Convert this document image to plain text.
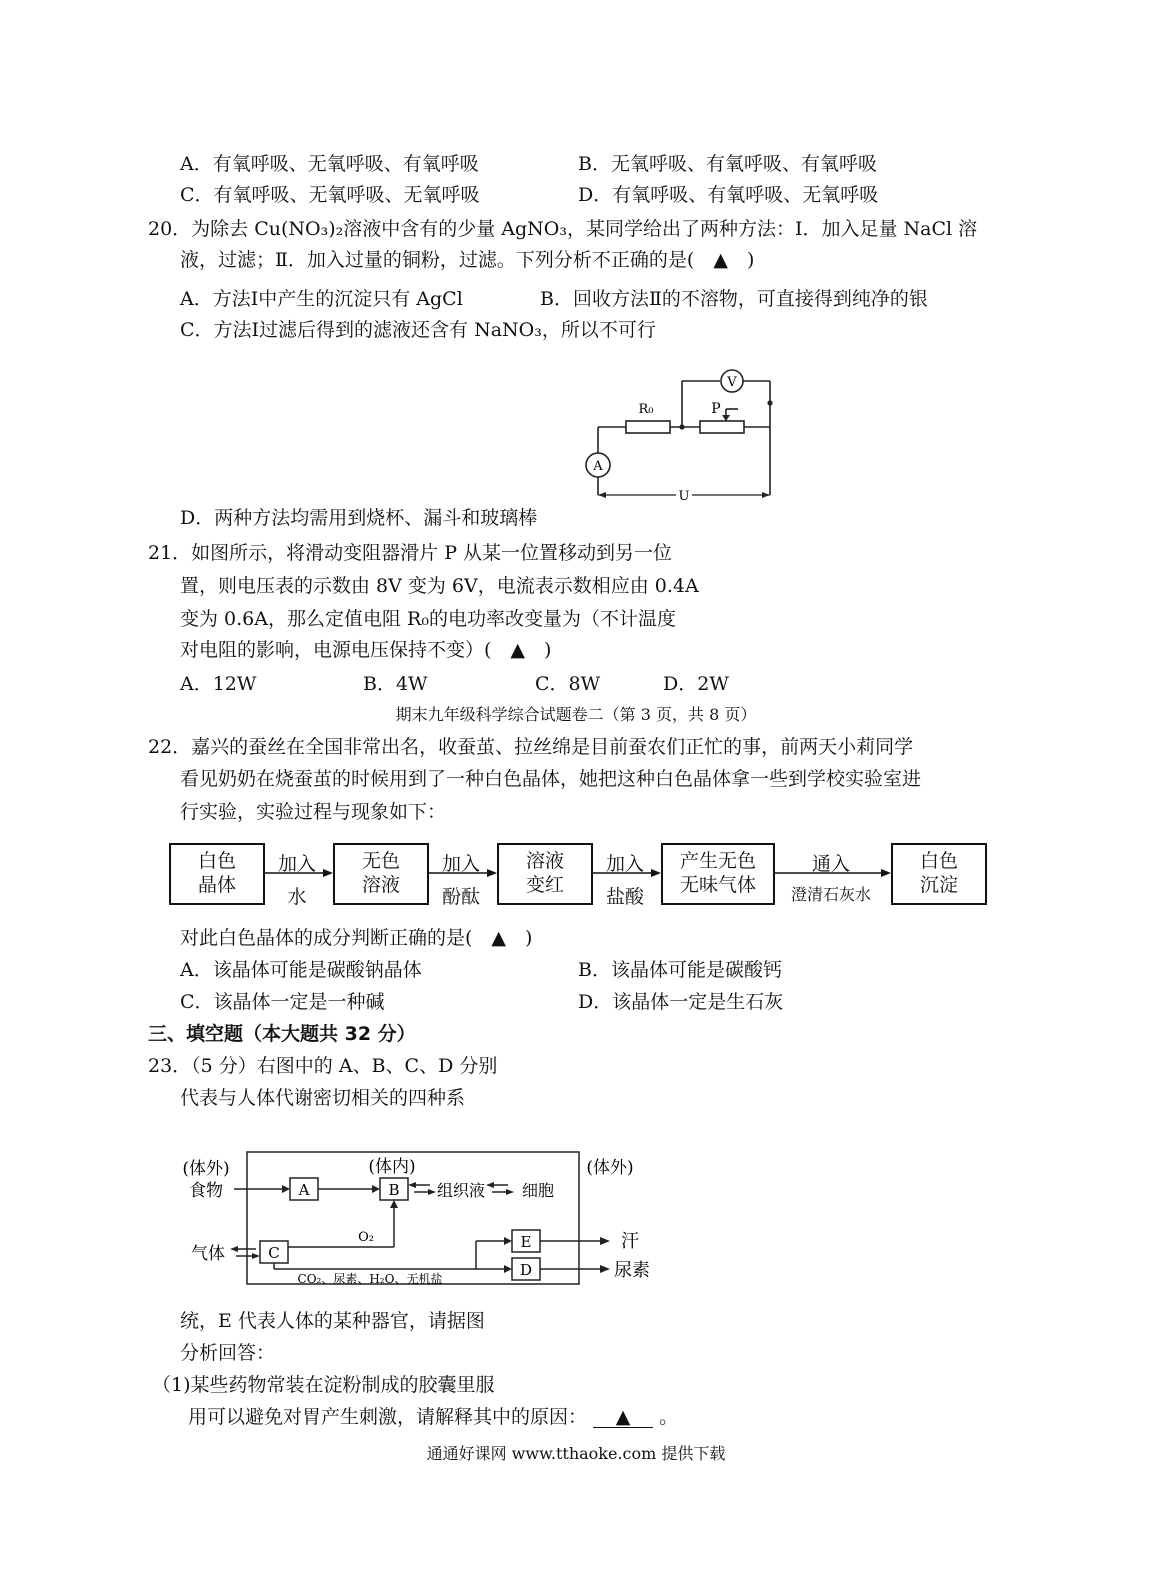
A．有氧呼吸、无氧呼吸、有氧呼吸	B．无氧呼吸、有氧呼吸、有氧呼吸
C．有氧呼吸、无氧呼吸、无氧呼吸	D．有氧呼吸、有氧呼吸、无氧呼吸
20．为除去 Cu(NO₃)₂溶液中含有的少量 AgNO₃，某同学给出了两种方法：Ⅰ．加入足量 NaCl 溶
液，过滤；Ⅱ．加入过量的铜粉，过滤。下列分析不正确的是(　▲　)
A．方法Ⅰ中产生的沉淀只有 AgCl	B．回收方法Ⅱ的不溶物，可直接得到纯净的银
C．方法Ⅰ过滤后得到的滤液还含有 NaNO₃，所以不可行
V
A
R₀	P
U
D．两种方法均需用到烧杯、漏斗和玻璃棒
21．如图所示，将滑动变阻器滑片 P 从某一位置移动到另一位
置，则电压表的示数由 8V 变为 6V，电流表示数相应由 0.4A
变为 0.6A，那么定值电阻 R₀的电功率改变量为（不计温度
对电阻的影响，电源电压保持不变）(　▲　)
A．12W	B．4W	C．8W	D．2W
期末九年级科学综合试题卷二（第 3 页，共 8 页）
22．嘉兴的蚕丝在全国非常出名，收蚕茧、拉丝绵是目前蚕农们正忙的事，前两天小莉同学
看见奶奶在烧蚕茧的时候用到了一种白色晶体，她把这种白色晶体拿一些到学校实验室进
行实验，实验过程与现象如下：
白色
晶体
加入
水
无色
溶液
加入
酚酞
溶液
变红
加入
盐酸
产生无色
无味气体
通入
澄清石灰水
白色
沉淀
对此白色晶体的成分判断正确的是(　▲　)
A．该晶体可能是碳酸钠晶体	B．该晶体可能是碳酸钙
C．该晶体一定是一种碱	D．该晶体一定是生石灰
三、填空题（本大题共 32 分）
23．（5 分）右图中的 A、B、C、D 分别
代表与人体代谢密切相关的四种系
(体外)
食物
(体内)	(体外)
A	B 组织液 细胞
O₂
气体	C
E
D
CO₂、尿素、H₂O、无机盐
汗
尿素
统，E 代表人体的某种器官，请据图
分析回答：
（1)某些药物常装在淀粉制成的胶囊里服
用可以避免对胃产生刺激，请解释其中的原因： ▲ 。
通通好课网 www.tthaoke.com 提供下载
